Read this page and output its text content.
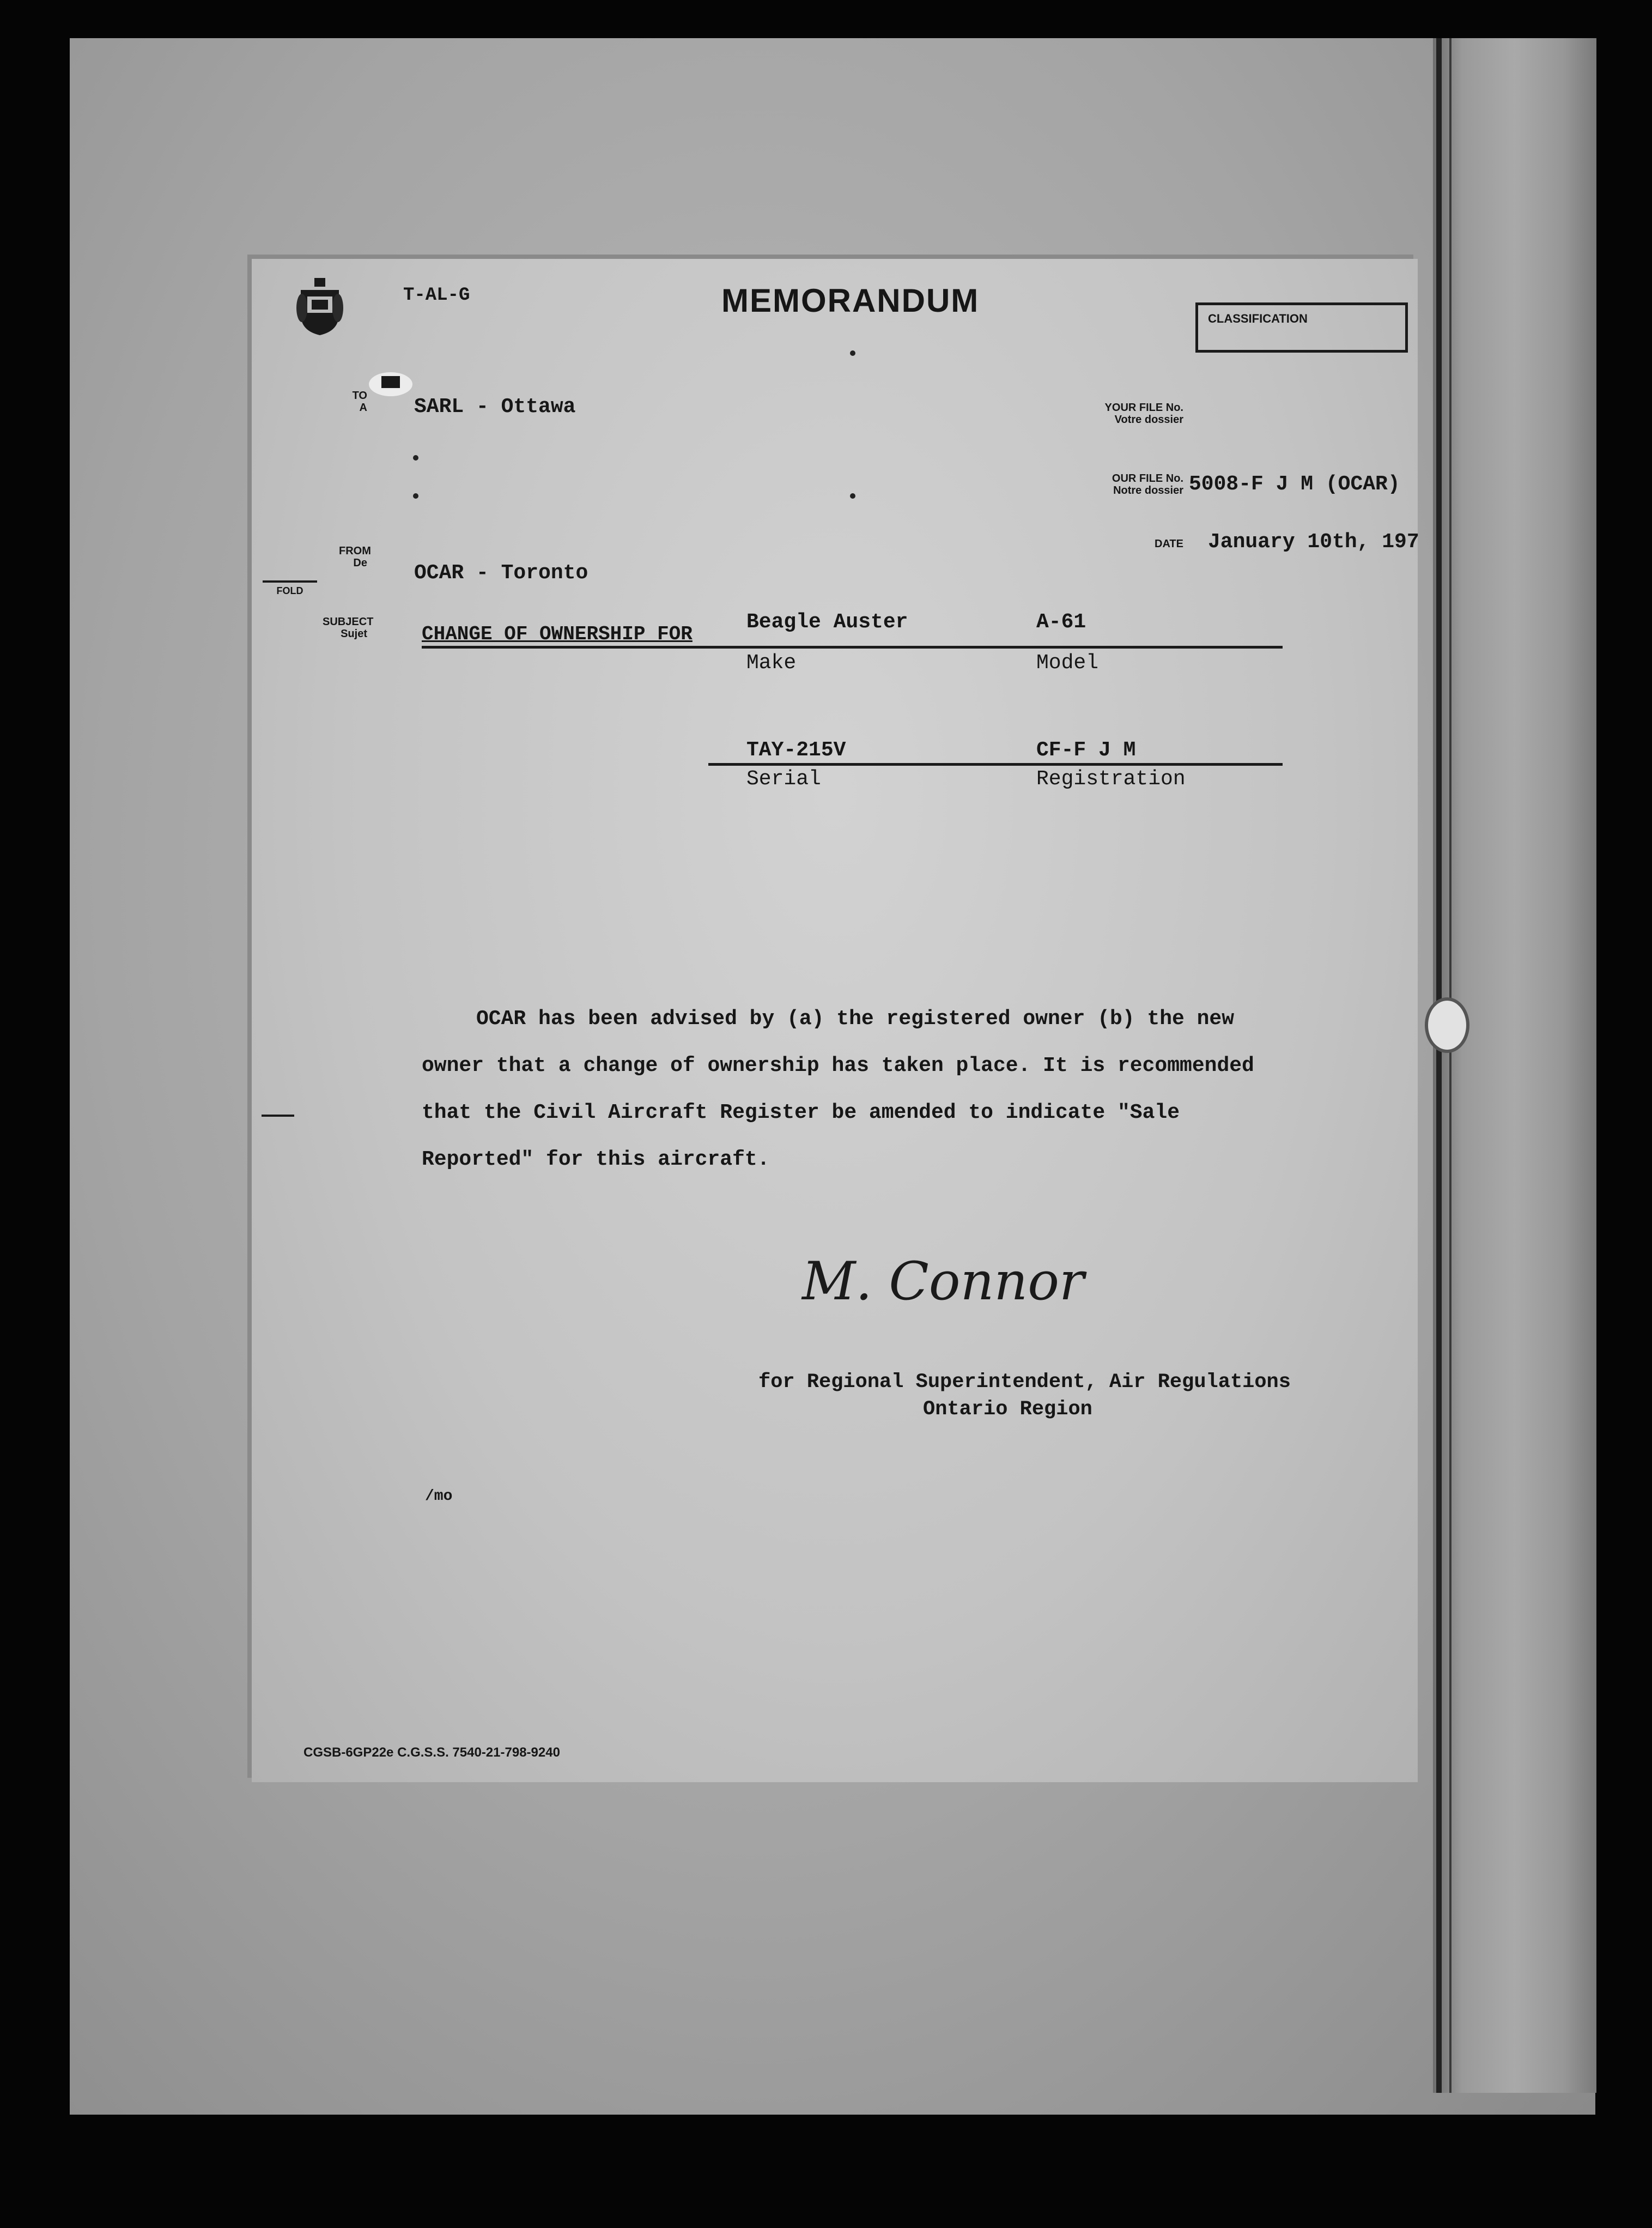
T-AL-G	MEMORANDUM	CLASSIFICATION
TO
A SARL - Ottawa	YOUR FILE No.
Votre dossier
OUR FILE No.
Notre dossier 5008-F J M (OCAR)
DATE January 10th, 197
FROM
De OCAR - Toronto
FOLD
SUBJECT
Sujet	CHANGE OF OWNERSHIP FOR
Beagle Auster	A-61
Make	Model
TAY-215V	CF-F J M
Serial	Registration
OCAR has been advised by (a) the registered owner (b) the new owner that a change of ownership has taken place. It is recommended that the Civil Aircraft Register be amended to indicate "Sale Reported" for this aircraft.
M. Connor
for Regional Superintendent, Air Regulations
Ontario Region
/mo
CGSB-6GP22e C.G.S.S. 7540-21-798-9240
